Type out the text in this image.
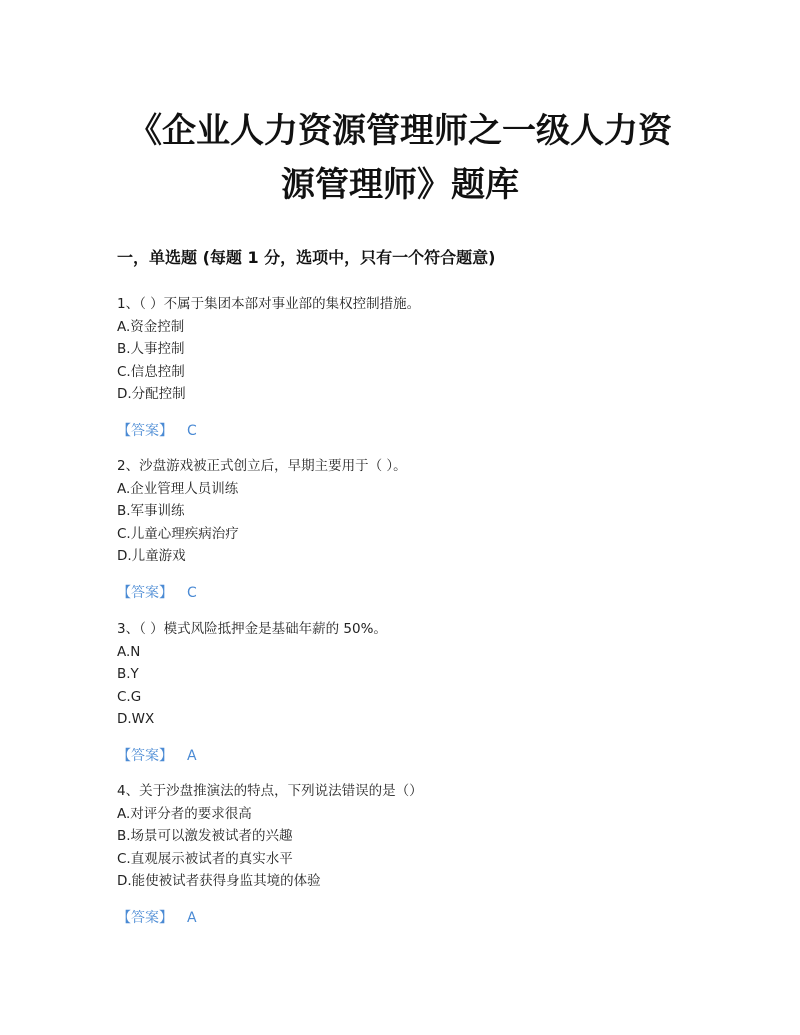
《企业人力资源管理师之一级人力资
源管理师》题库
一，单选题 (每题 1 分，选项中，只有一个符合题意)
1、（ ）不属于集团本部对事业部的集权控制措施。
A.资金控制
B.人事控制
C.信息控制
D.分配控制
【答案】 C
2、沙盘游戏被正式创立后，早期主要用于（ ）。
A.企业管理人员训练
B.军事训练
C.儿童心理疾病治疗
D.儿童游戏
【答案】 C
3、（ ）模式风险抵押金是基础年薪的 50%。
A.N
B.Y
C.G
D.WX
【答案】 A
4、关于沙盘推演法的特点，下列说法错误的是（）
A.对评分者的要求很高
B.场景可以激发被试者的兴趣
C.直观展示被试者的真实水平
D.能使被试者获得身监其境的体验
【答案】 A
